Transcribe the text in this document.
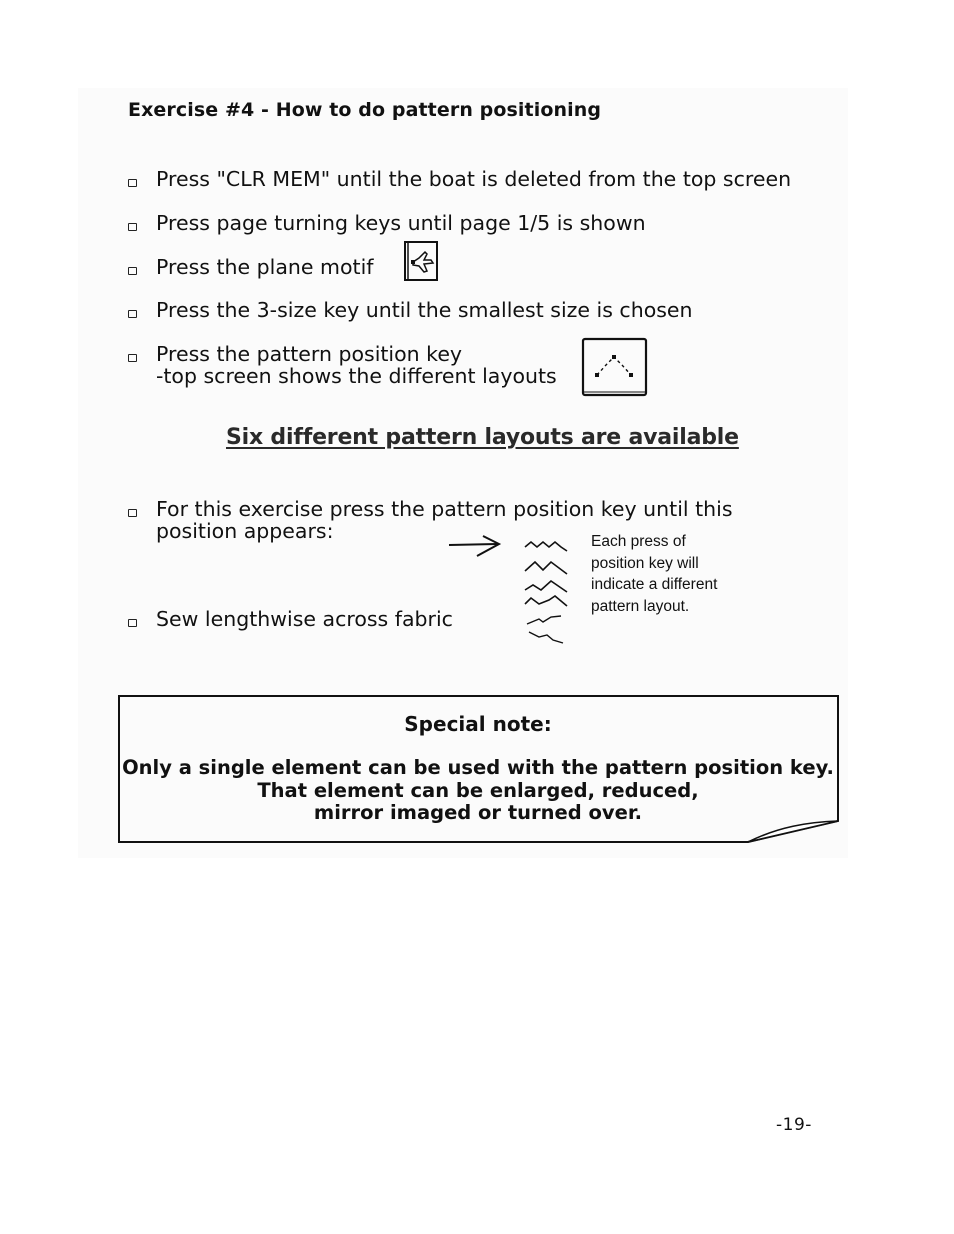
Exercise #4 - How to do pattern positioning
Press "CLR MEM" until the boat is deleted from the top screen
Press page turning keys until page 1/5 is shown
Press the plane motif
Press the 3-size key until the smallest size is chosen
Press the pattern position key
-top screen shows the different layouts
Six different pattern layouts are available
For this exercise press the pattern position key until this
position appears:	Each press of
position key will
indicate a different
pattern layout.
Sew lengthwise across fabric
Special note:
Only a single element can be used with the pattern position key.
That element can be enlarged, reduced,
mirror imaged or turned over.
-19-
